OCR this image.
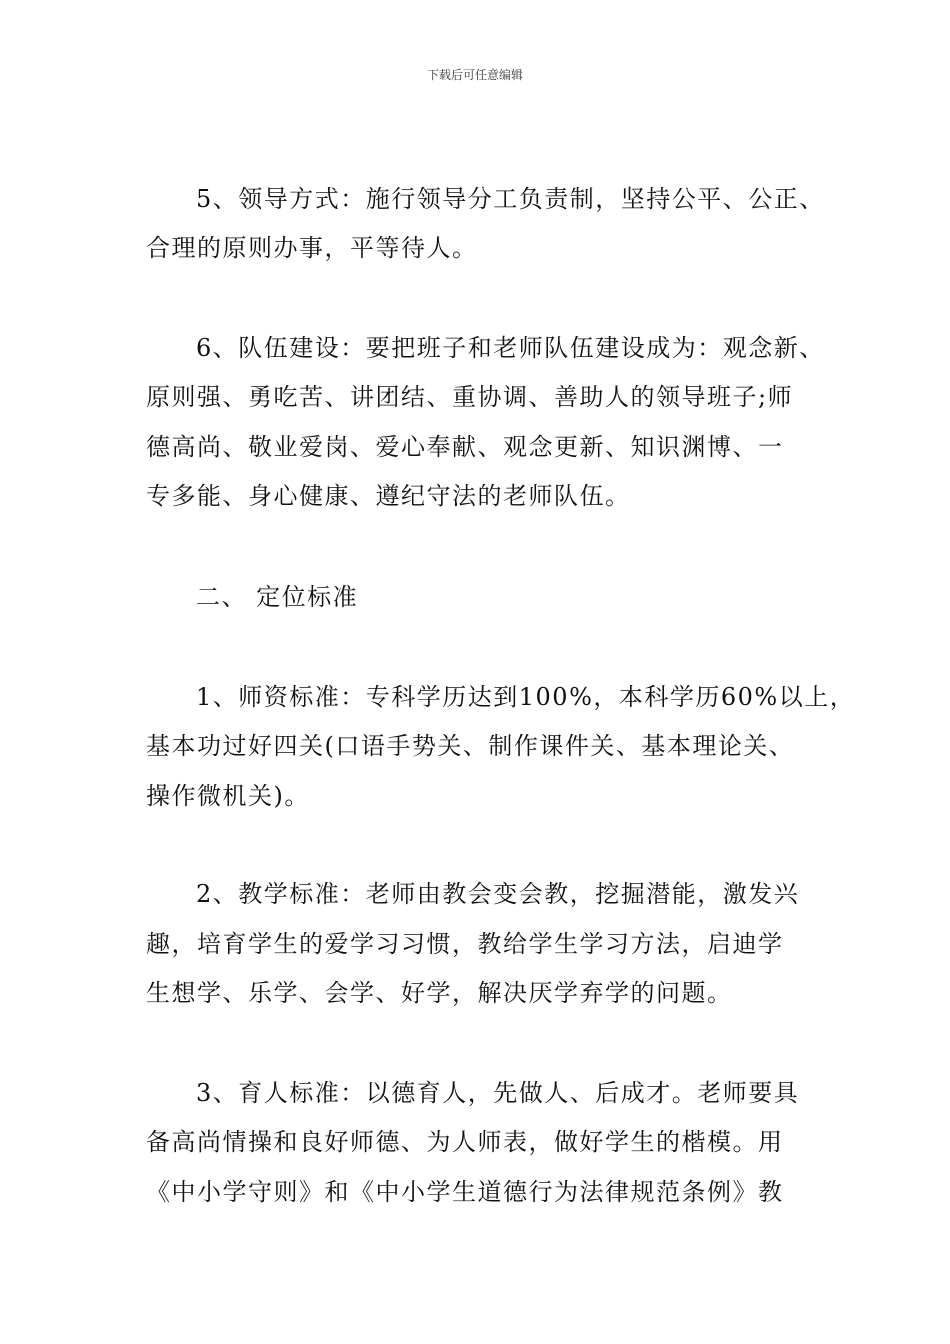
下载后可任意编辑
5、领导方式：施行领导分工负责制，坚持公平、公正、
合理的原则办事，平等待人。
6、队伍建设：要把班子和老师队伍建设成为：观念新、
原则强、勇吃苦、讲团结、重协调、善助人的领导班子;师
德高尚、敬业爱岗、爱心奉献、观念更新、知识渊博、一
专多能、身心健康、遵纪守法的老师队伍。
二、 定位标准
1、师资标准：专科学历达到100%，本科学历60%以上，
基本功过好四关(口语手势关、制作课件关、基本理论关、
操作微机关)。
2、教学标准：老师由教会变会教，挖掘潜能，激发兴
趣，培育学生的爱学习习惯，教给学生学习方法，启迪学
生想学、乐学、会学、好学，解决厌学弃学的问题。
3、育人标准：以德育人，先做人、后成才。老师要具
备高尚情操和良好师德、为人师表，做好学生的楷模。用
《中小学守则》和《中小学生道德行为法律规范条例》教
